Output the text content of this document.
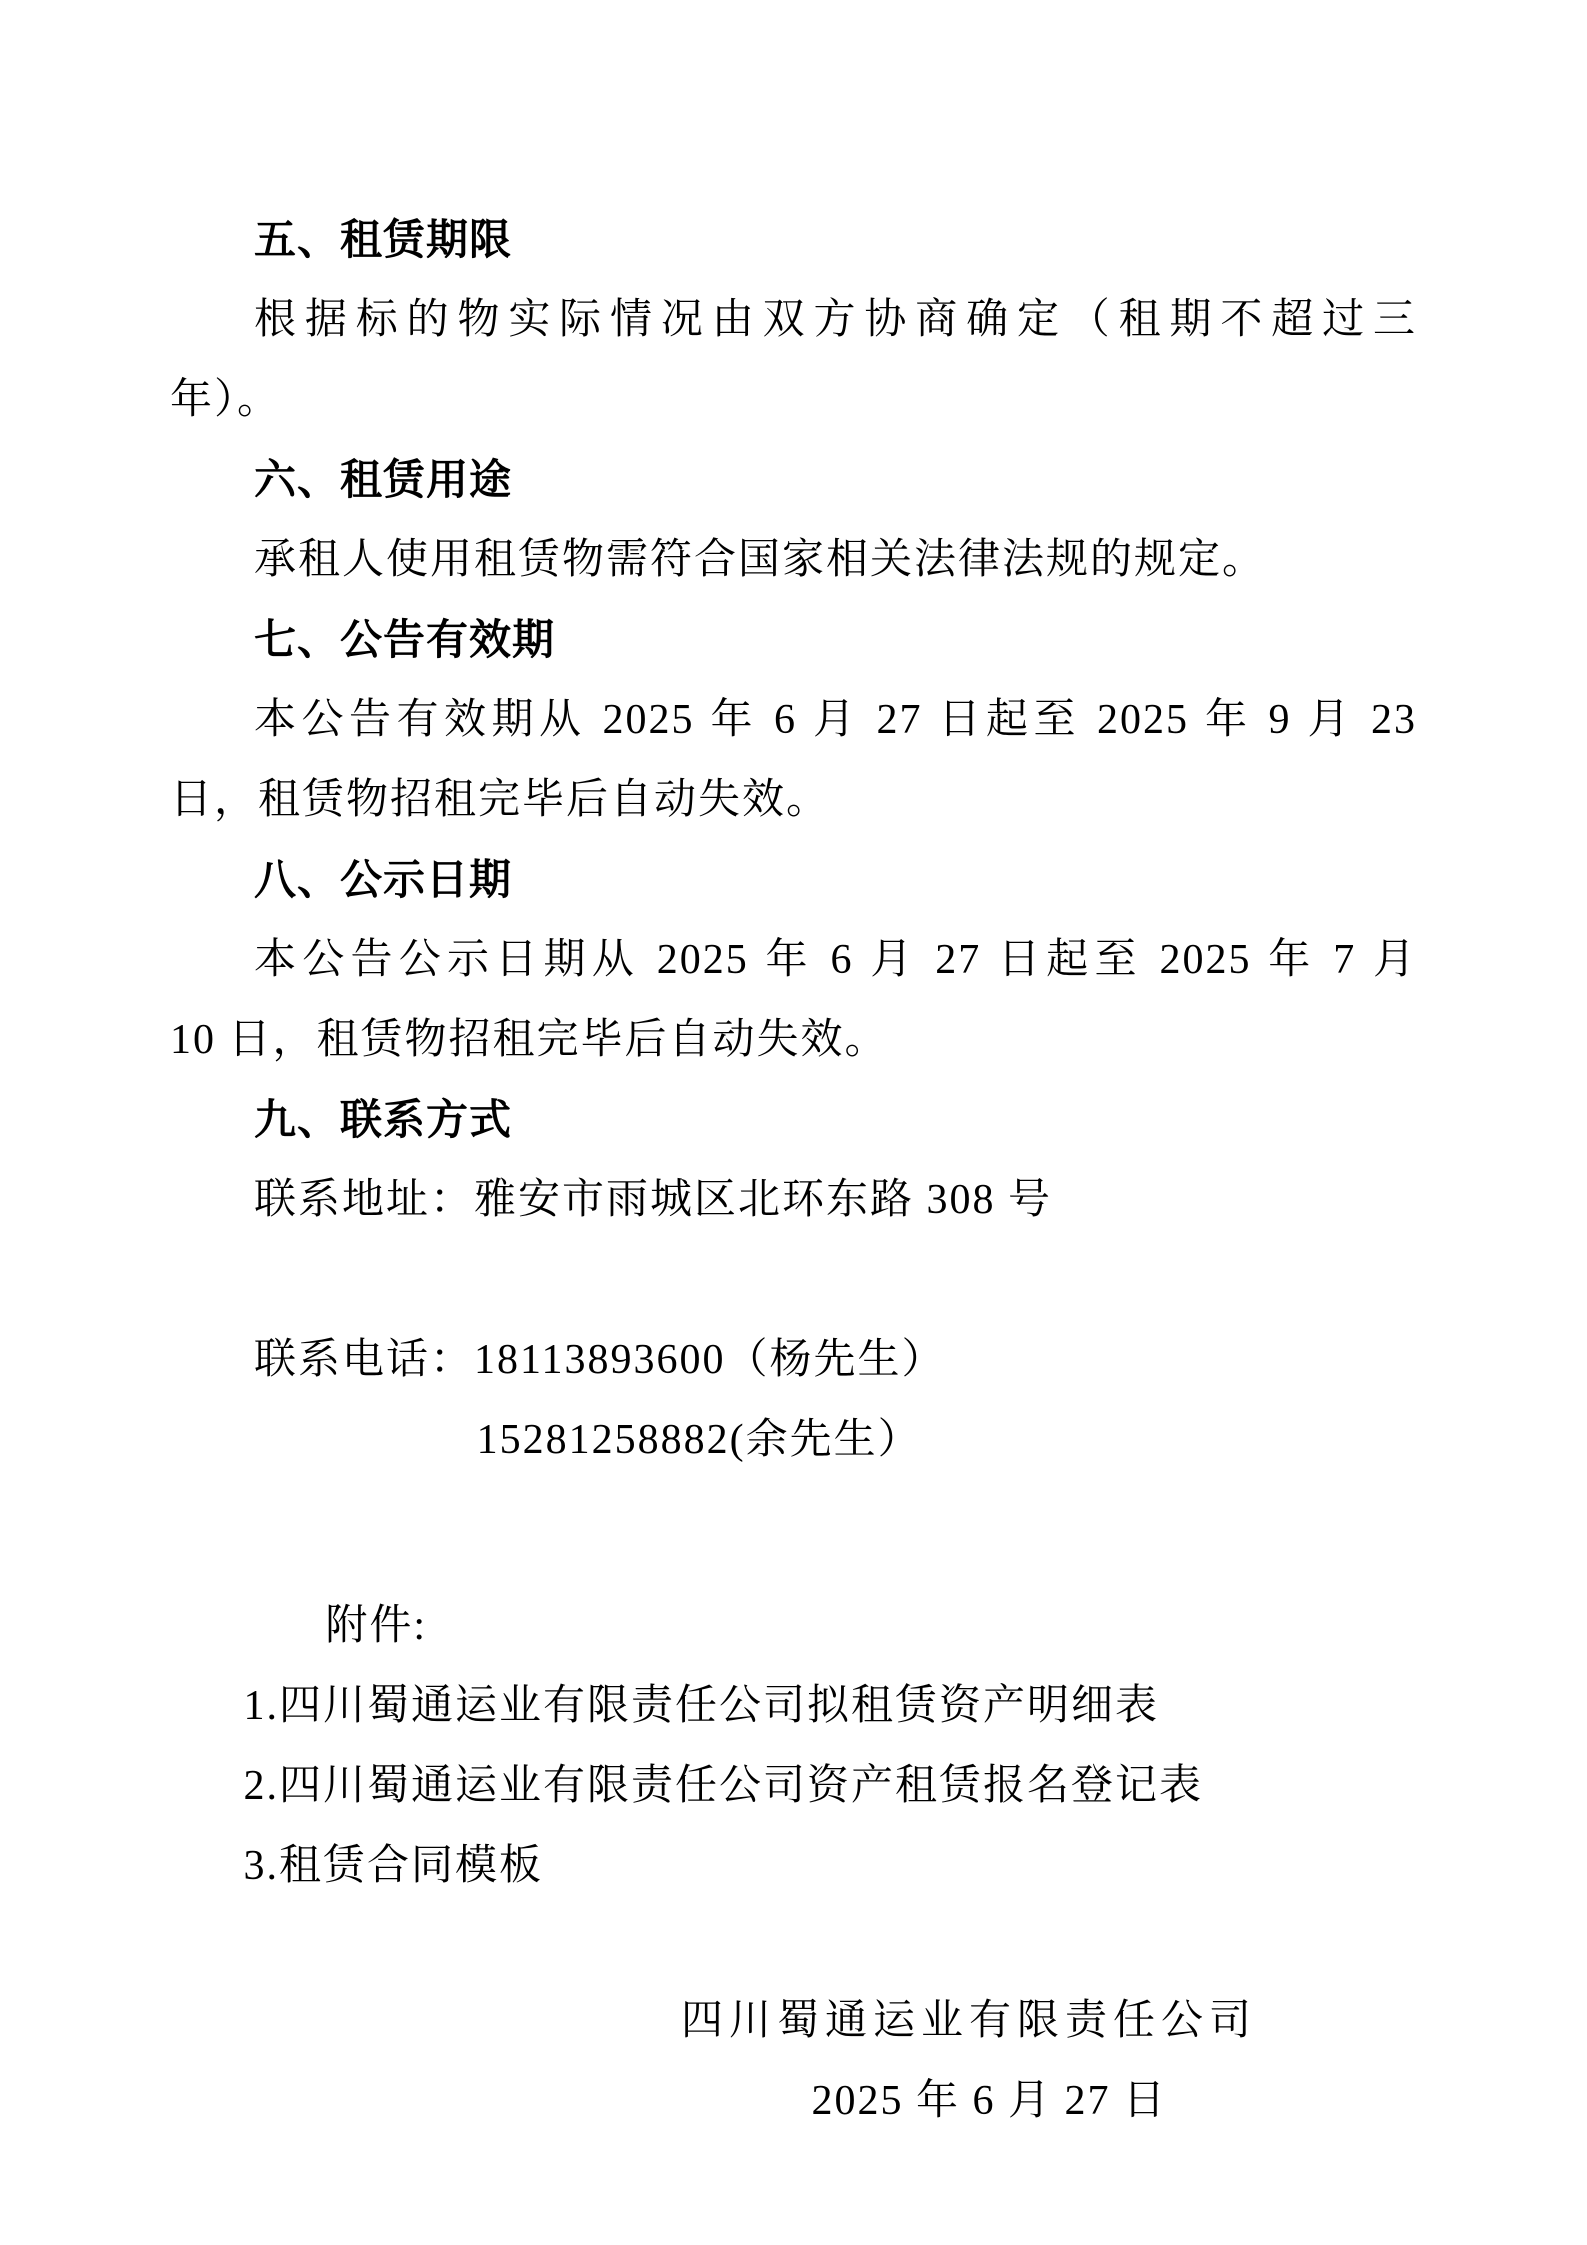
五、租赁期限
根据标的物实际情况由双方协商确定（租期不超过三
年）。
六、租赁用途
承租人使用租赁物需符合国家相关法律法规的规定。
七、公告有效期
本公告有效期从 2025 年 6 月 27 日起至 2025 年 9 月 23
日，租赁物招租完毕后自动失效。
八、公示日期
本公告公示日期从 2025 年 6 月 27 日起至 2025 年 7 月
10 日，租赁物招租完毕后自动失效。
九、联系方式
联系地址：雅安市雨城区北环东路 308 号
联系电话：18113893600（杨先生）
15281258882(余先生）
附件:
1.四川蜀通运业有限责任公司拟租赁资产明细表
2.四川蜀通运业有限责任公司资产租赁报名登记表
3.租赁合同模板
四川蜀通运业有限责任公司
2025 年 6 月 27 日
